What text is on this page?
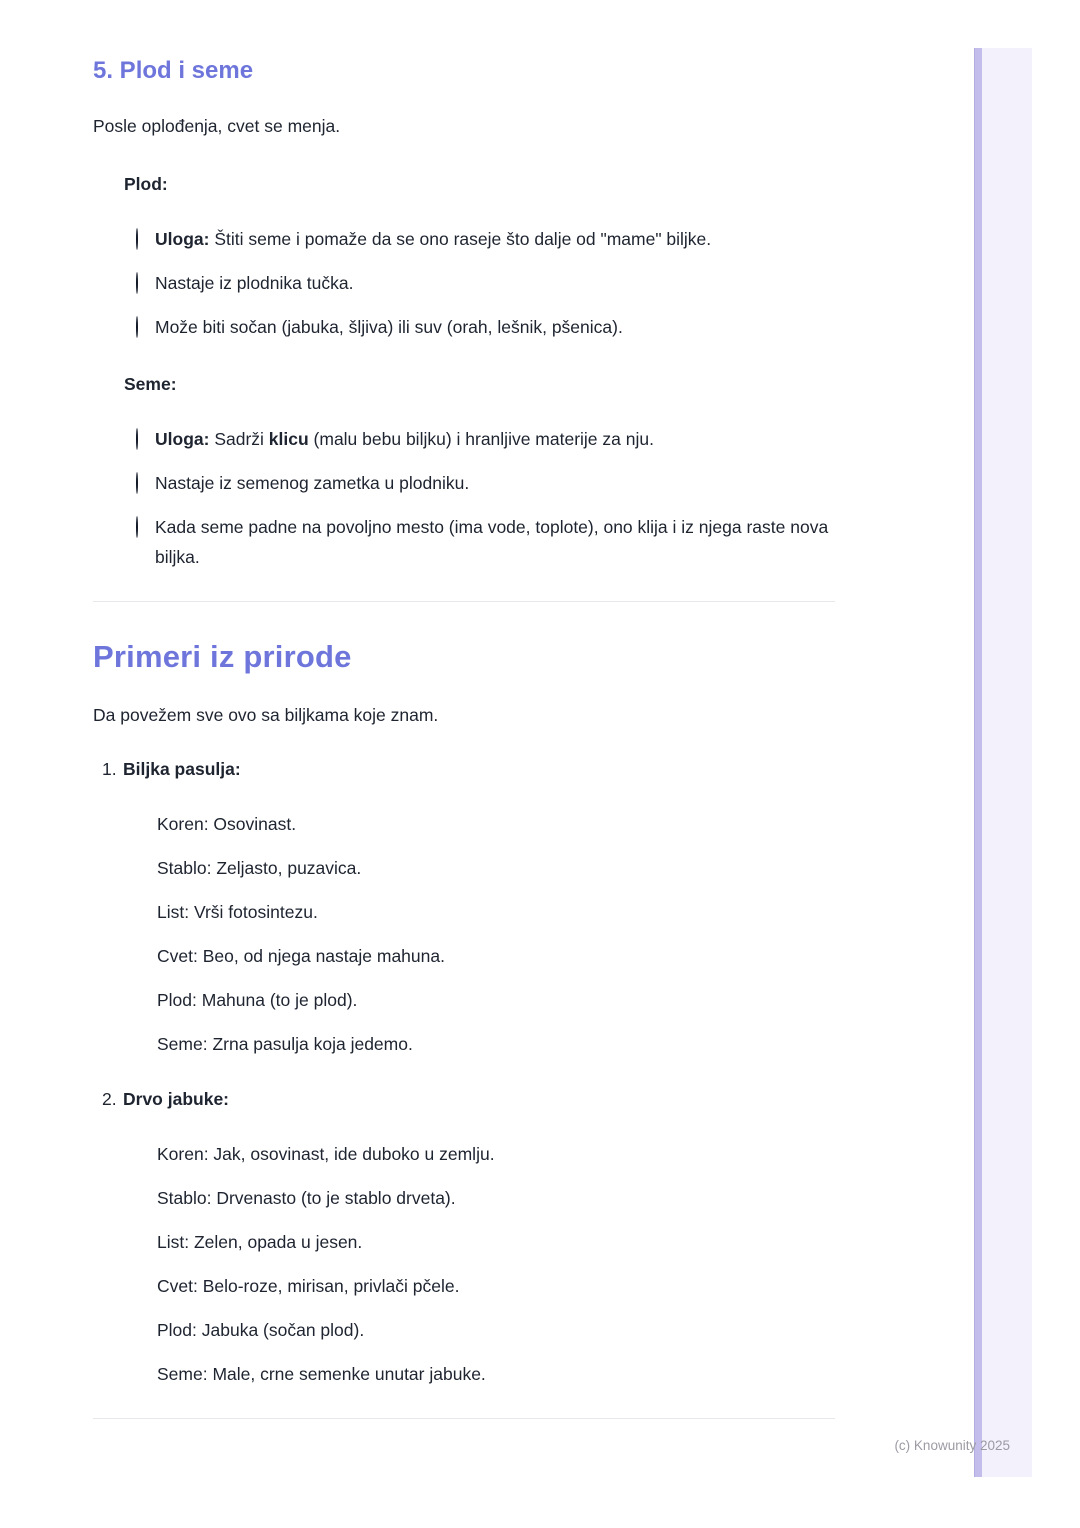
5. Plod i seme

Posle oplođenja, cvet se menja.

Plod:
Uloga: Štiti seme i pomaže da se ono raseje što dalje od "mame" biljke.
Nastaje iz plodnika tučka.
Može biti sočan (jabuka, šljiva) ili suv (orah, lešnik, pšenica).
Seme:
Uloga: Sadrži klicu (malu bebu biljku) i hranljive materije za nju.
Nastaje iz semenog zametka u plodniku.
Kada seme padne na povoljno mesto (ima vode, toplote), ono klija i iz njega raste nova biljka.
Primeri iz prirode

Da povežem sve ovo sa biljkama koje znam.

1. Biljka pasulja:
Koren: Osovinast.
Stablo: Zeljasto, puzavica.
List: Vrši fotosintezu.
Cvet: Beo, od njega nastaje mahuna.
Plod: Mahuna (to je plod).
Seme: Zrna pasulja koja jedemo.
2. Drvo jabuke:
Koren: Jak, osovinast, ide duboko u zemlju.
Stablo: Drvenasto (to je stablo drveta).
List: Zelen, opada u jesen.
Cvet: Belo-roze, mirisan, privlači pčele.
Plod: Jabuka (sočan plod).
Seme: Male, crne semenke unutar jabuke.
(c) Knowunity 2025
